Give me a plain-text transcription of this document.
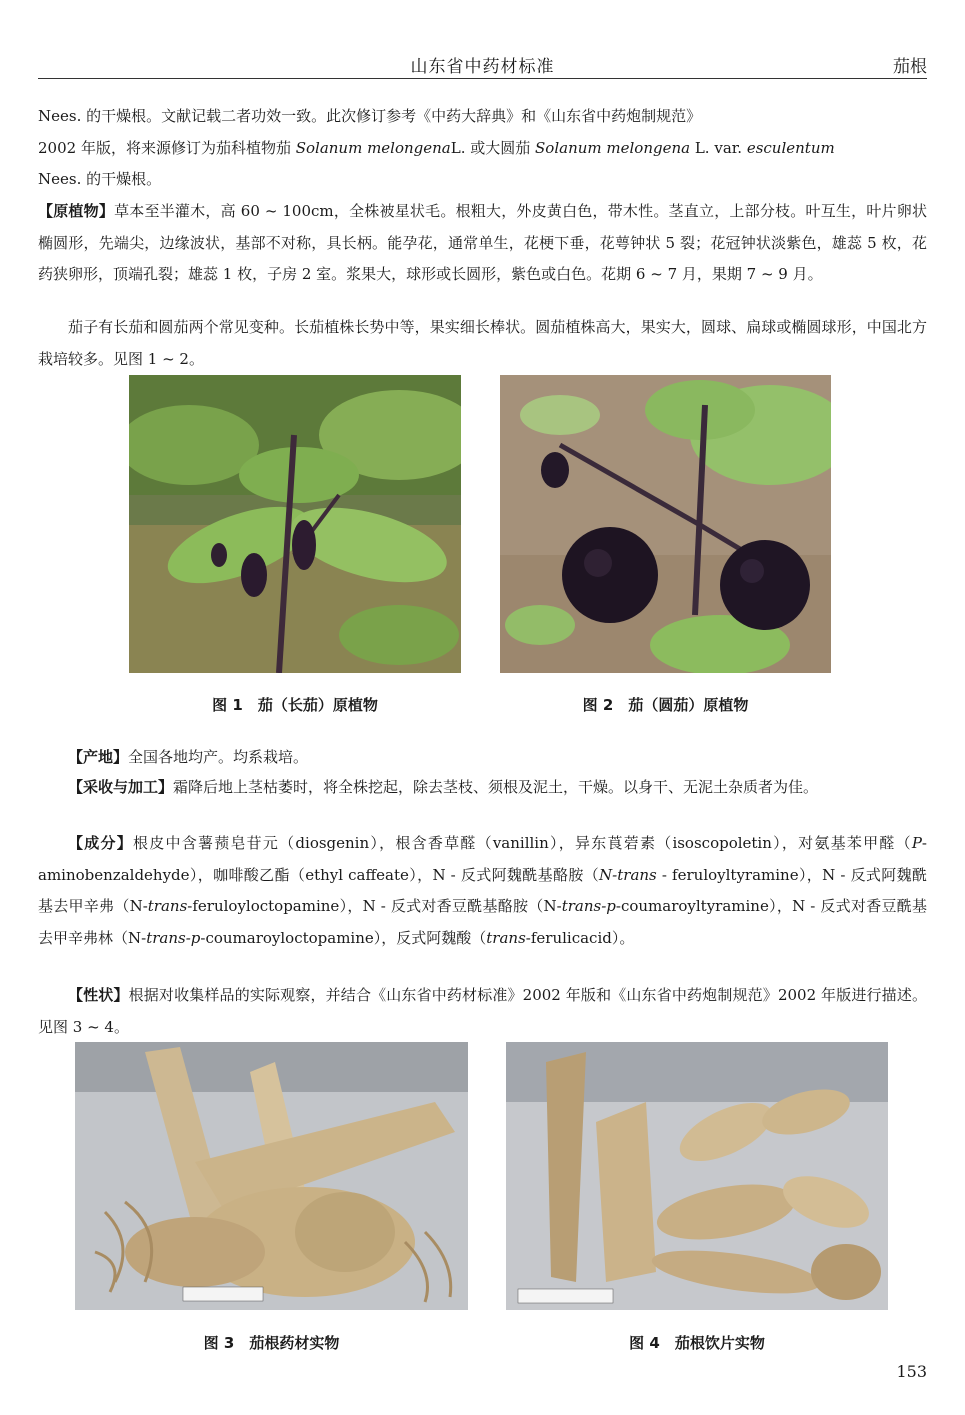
山东省中药材标准	茄根
Nees. 的干燥根。文献记载二者功效一致。此次修订参考《中药大辞典》和《山东省中药炮制规范》
2002 年版，将来源修订为茄科植物茄 Solanum melongenaL. 或大圆茄 Solanum melongena L. var. esculentum
Nees. 的干燥根。
【原植物】草本至半灌木，高 60 ~ 100cm，全株被星状毛。根粗大，外皮黄白色，带木性。茎直立，上部分枝。叶互生，叶片卵状椭圆形，先端尖，边缘波状，基部不对称，具长柄。能孕花，通常单生，花梗下垂，花萼钟状 5 裂；花冠钟状淡紫色，雄蕊 5 枚，花药狭卵形，顶端孔裂；雄蕊 1 枚，子房 2 室。浆果大，球形或长圆形，紫色或白色。花期 6 ~ 7 月，果期 7 ~ 9 月。
茄子有长茄和圆茄两个常见变种。长茄植株长势中等，果实细长棒状。圆茄植株高大，果实大，圆球、扁球或椭圆球形，中国北方栽培较多。见图 1 ~ 2。
图 1　茄（长茄）原植物	图 2　茄（圆茄）原植物
【产地】全国各地均产。均系栽培。
【采收与加工】霜降后地上茎枯萎时，将全株挖起，除去茎枝、须根及泥土，干燥。以身干、无泥土杂质者为佳。
【成分】根皮中含薯蓣皂苷元（diosgenin），根含香草醛（vanillin），异东莨菪素（isoscopoletin），对氨基苯甲醛（P-aminobenzaldehyde），咖啡酸乙酯（ethyl caffeate），N - 反式阿魏酰基酪胺（N-trans - feruloyltyramine），N - 反式阿魏酰基去甲辛弗（N-trans-feruloyloctopamine），N - 反式对香豆酰基酪胺（N-trans-p-coumaroyltyramine），N - 反式对香豆酰基去甲辛弗林（N-trans-p-coumaroyloctopamine），反式阿魏酸（trans-ferulicacid）。
【性状】根据对收集样品的实际观察，并结合《山东省中药材标准》2002 年版和《山东省中药炮制规范》2002 年版进行描述。见图 3 ~ 4。
图 3　茄根药材实物	图 4　茄根饮片实物
153
